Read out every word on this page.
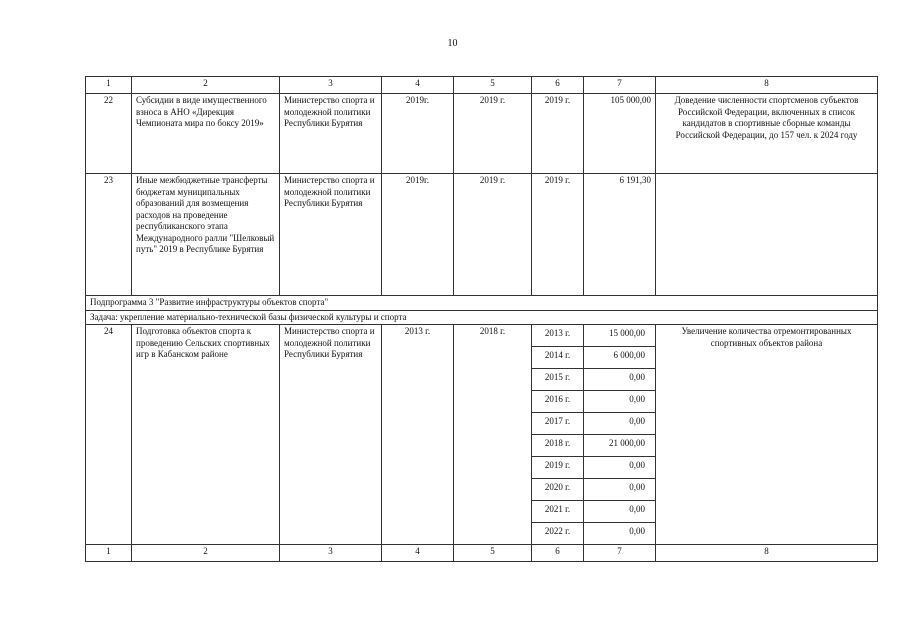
10
1	2	3	4	5	6	7	8
22	Субсидии в виде имущественного взноса в АНО «Дирекция Чемпионата мира по боксу 2019»	Министерство спорта и молодежной политики Республики Бурятия	2019г.	2019 г.	2019 г.	105 000,00	Доведение численности спортсменов субъектов Российской Федерации, включенных в список кандидатов в спортивные сборные команды Российской Федерации, до 157 чел. к 2024 году
23	Иные межбюджетные трансферты бюджетам муниципальных образований для возмещения расходов на проведение республиканского этапа Международного ралли "Шелковый путь" 2019 в Республике Бурятия	Министерство спорта и молодежной политики Республики Бурятия	2019г.	2019 г.	2019 г.	6 191,30	
Подпрограмма 3 "Развитие инфраструктуры объектов спорта"							
Задача: укрепление материально-технической базы физической культуры и спорта							
24	Подготовка объектов спорта к проведению Сельских спортивных игр в Кабанском районе	Министерство спорта и молодежной политики Республики Бурятия	2013 г.	2018 г.	2013 г.	15 000,00	Увеличение количества отремонтированных спортивных объектов района
					2014 г.	6 000,00	
					2015 г.	0,00	
					2016 г.	0,00	
					2017 г.	0,00	
					2018 г.	21 000,00	
					2019 г.	0,00	
					2020 г.	0,00	
					2021 г.	0,00	
					2022 г.	0,00	
1	2	3	4	5	6	7	8
